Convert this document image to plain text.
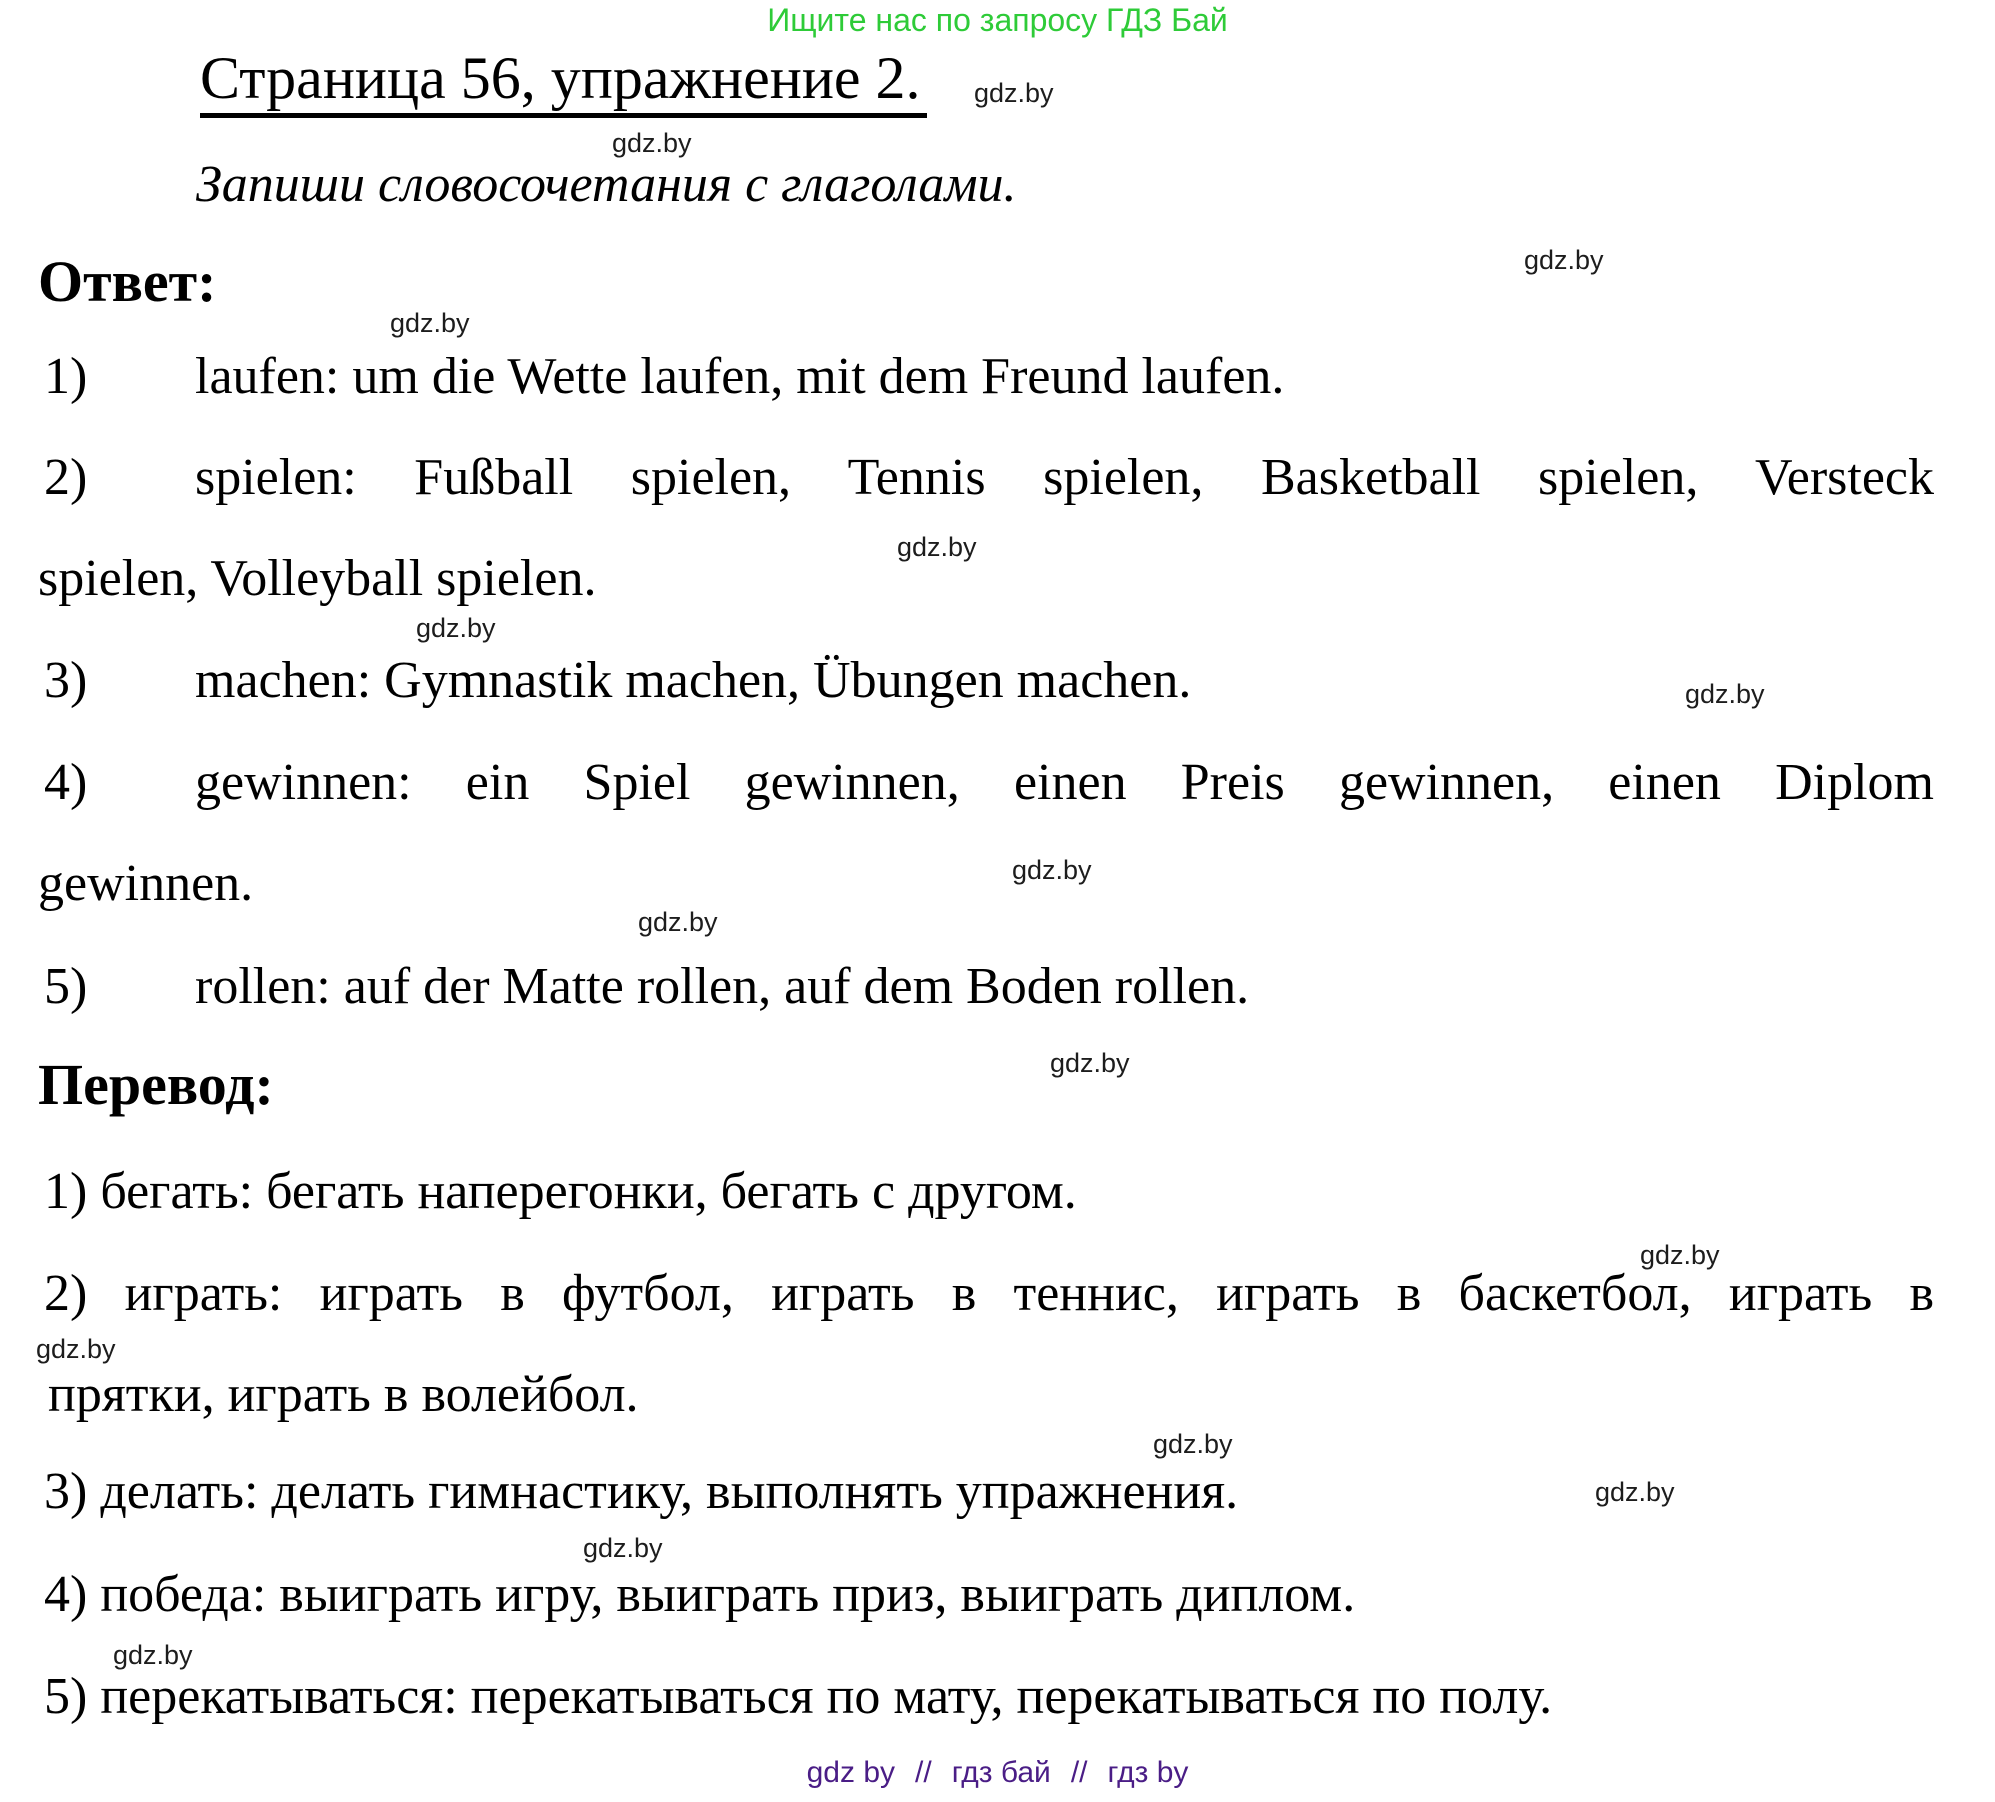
Ищите нас по запросу ГДЗ Бай
Страница 56, упражнение 2.
Запиши словосочетания с глаголами.
Ответ:
1) laufen: um die Wette laufen, mit dem Freund laufen.
2) spielen: Fußball spielen, Tennis spielen, Basketball spielen, Versteck
spielen, Volleyball spielen.
3) machen: Gymnastik machen, Übungen machen.
4) gewinnen: ein Spiel gewinnen, einen Preis gewinnen, einen Diplom
gewinnen.
5) rollen: auf der Matte rollen, auf dem Boden rollen.
Перевод:
1) бегать: бегать наперегонки, бегать с другом.
2) играть: играть в футбол, играть в теннис, играть в баскетбол, играть в
прятки, играть в волейбол.
3) делать: делать гимнастику, выполнять упражнения.
4) победа: выиграть игру, выиграть приз, выиграть диплом.
5) перекатываться: перекатываться по мату, перекатываться по полу.
gdz.by
gdz.by
gdz.by
gdz.by
gdz.by
gdz.by
gdz.by
gdz.by
gdz.by
gdz.by
gdz.by
gdz.by
gdz.by
gdz.by
gdz.by
gdz.by
gdz by // гдз бай // гдз by
